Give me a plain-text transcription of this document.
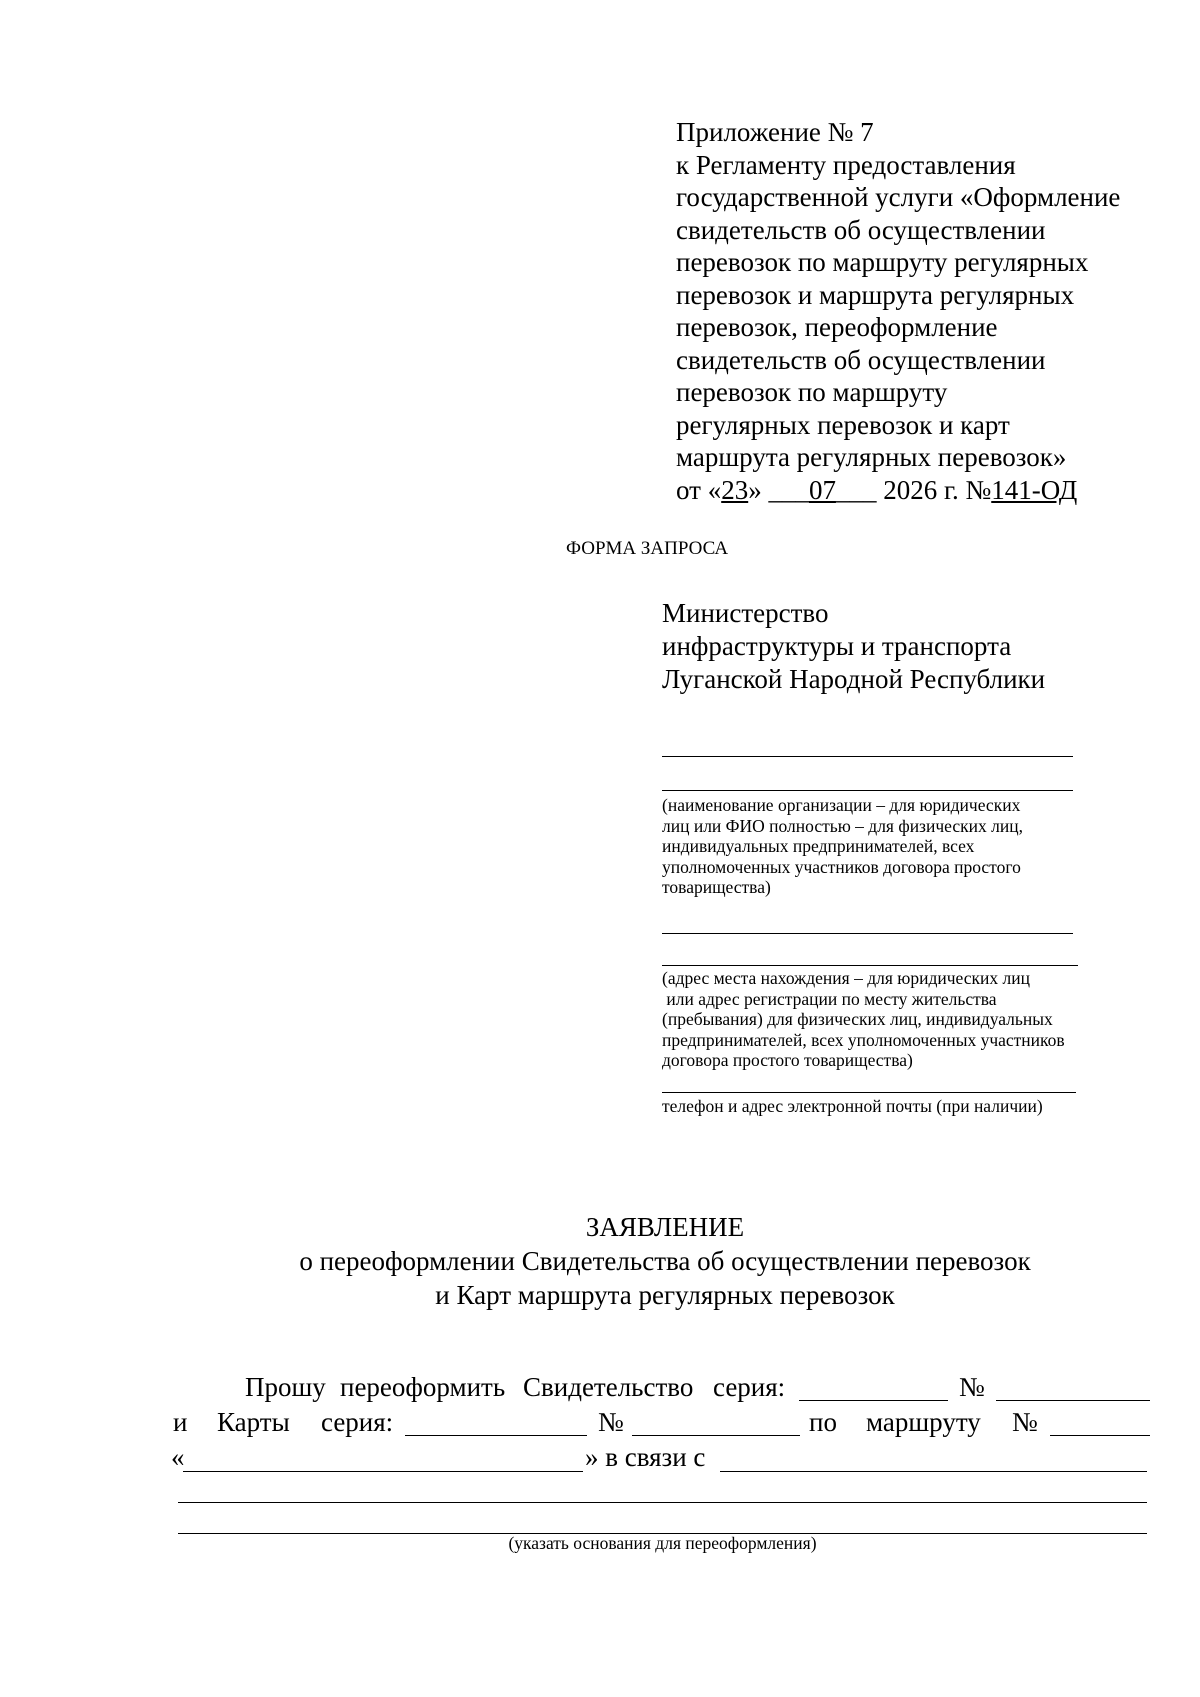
Приложение № 7
к Регламенту предоставления
государственной услуги «Оформление
свидетельств об осуществлении
перевозок по маршруту регулярных
перевозок и маршрута регулярных
перевозок, переоформление
свидетельств об осуществлении
перевозок по маршруту
регулярных перевозок и карт
маршрута регулярных перевозок»
от «23» ___07___ 2026 г. №141-ОД
ФОРМА ЗАПРОСА
Министерство
инфраструктуры и транспорта
Луганской Народной Республики
(наименование организации – для юридических
лиц или ФИО полностью – для физических лиц,
индивидуальных предпринимателей, всех
уполномоченных участников договора простого
товарищества)
(адрес места нахождения – для юридических лиц
или адрес регистрации по месту жительства
(пребывания) для физических лиц, индивидуальных
предпринимателей, всех уполномоченных участников
договора простого товарищества)
телефон и адрес электронной почты (при наличии)
ЗАЯВЛЕНИЕ
о переоформлении Свидетельства об осуществлении перевозок
и Карт маршрута регулярных перевозок
Прошу переоформить Свидетельство серия:	№
и Карты серия:	№	по маршруту №
«	» в связи с
(указать основания для переоформления)
